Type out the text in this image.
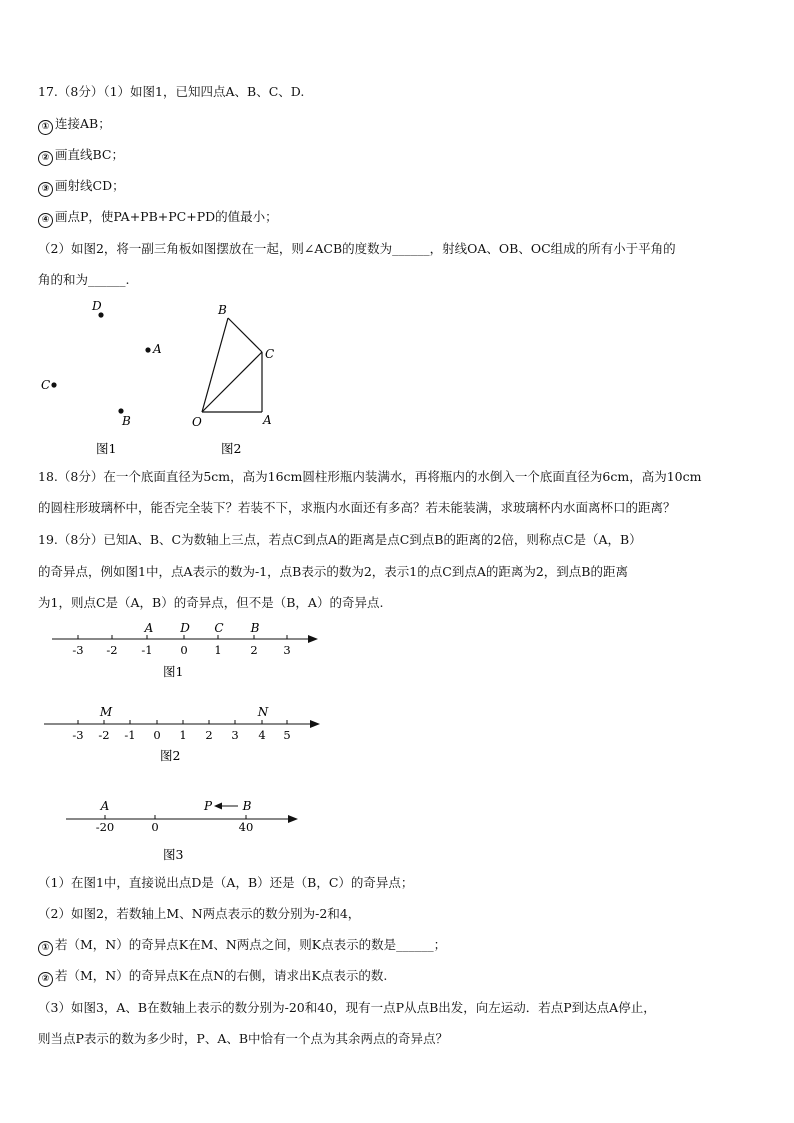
17.（8分）（1）如图1，已知四点A、B、C、D.
① 连接AB；
② 画直线BC；
③ 画射线CD；
④ 画点P，使PA+PB+PC+PD的值最小；
（2）如图2，将一副三角板如图摆放在一起，则∠ACB的度数为______，射线OA、OB、OC组成的所有小于平角的
角的和为______.
D
A
C
B
图1
B
C
A
O
图2
18.（8分）在一个底面直径为5cm，高为16cm圆柱形瓶内装满水，再将瓶内的水倒入一个底面直径为6cm，高为10cm
的圆柱形玻璃杯中，能否完全装下？若装不下，求瓶内水面还有多高？若未能装满，求玻璃杯内水面离杯口的距离？
19.（8分）已知A、B、C为数轴上三点，若点C到点A的距离是点C到点B的距离的2倍，则称点C是（A，B）
的奇异点，例如图1中，点A表示的数为-1，点B表示的数为2，表示1的点C到点A的距离为2，到点B的距离
为1，则点C是（A，B）的奇异点，但不是（B，A）的奇异点.
-3 -2 -1 0 1 2 3
A D C B
图1
-3 -2 -1 0 1 2 3 4 5
M	N
图2
-20	0	40
A	P	B
图3
（1）在图1中，直接说出点D是（A，B）还是（B，C）的奇异点；
（2）如图2，若数轴上M、N两点表示的数分别为-2和4，
① 若（M，N）的奇异点K在M、N两点之间，则K点表示的数是______；
② 若（M，N）的奇异点K在点N的右侧，请求出K点表示的数.
（3）如图3，A、B在数轴上表示的数分别为-20和40，现有一点P从点B出发，向左运动．若点P到达点A停止，
则当点P表示的数为多少时，P、A、B中恰有一个点为其余两点的奇异点？
